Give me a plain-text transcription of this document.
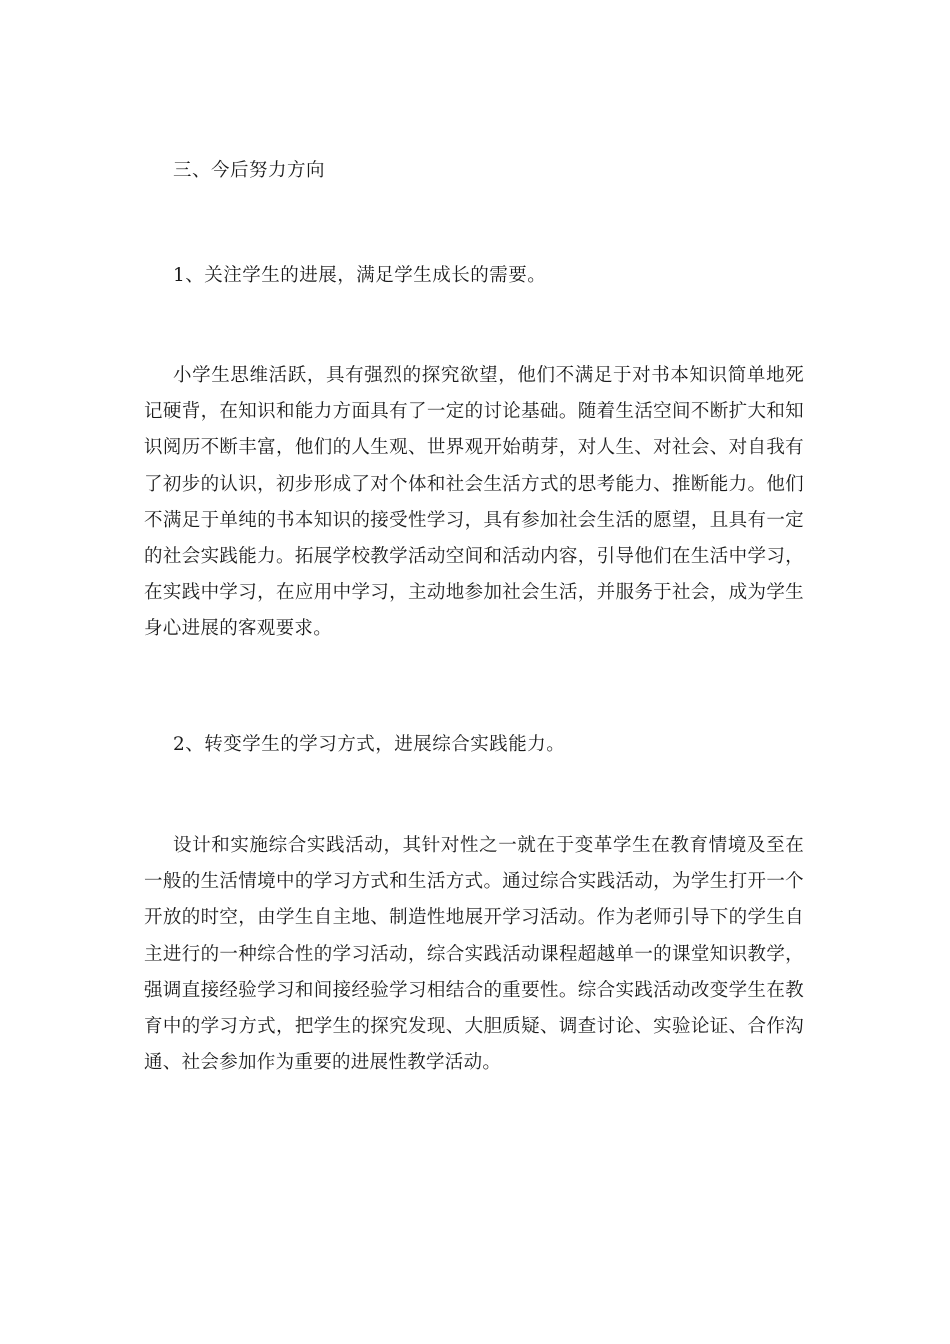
三、今后努力方向
1、关注学生的进展，满足学生成长的需要。
小学生思维活跃，具有强烈的探究欲望，他们不满足于对书本知识简单地死记硬背，在知识和能力方面具有了一定的讨论基础。随着生活空间不断扩大和知识阅历不断丰富，他们的人生观、世界观开始萌芽，对人生、对社会、对自我有了初步的认识，初步形成了对个体和社会生活方式的思考能力、推断能力。他们不满足于单纯的书本知识的接受性学习，具有参加社会生活的愿望，且具有一定的社会实践能力。拓展学校教学活动空间和活动内容，引导他们在生活中学习，在实践中学习，在应用中学习，主动地参加社会生活，并服务于社会，成为学生身心进展的客观要求。
2、转变学生的学习方式，进展综合实践能力。
设计和实施综合实践活动，其针对性之一就在于变革学生在教育情境及至在一般的生活情境中的学习方式和生活方式。通过综合实践活动，为学生打开一个开放的时空，由学生自主地、制造性地展开学习活动。作为老师引导下的学生自主进行的一种综合性的学习活动，综合实践活动课程超越单一的课堂知识教学，强调直接经验学习和间接经验学习相结合的重要性。综合实践活动改变学生在教育中的学习方式，把学生的探究发现、大胆质疑、调查讨论、实验论证、合作沟通、社会参加作为重要的进展性教学活动。
